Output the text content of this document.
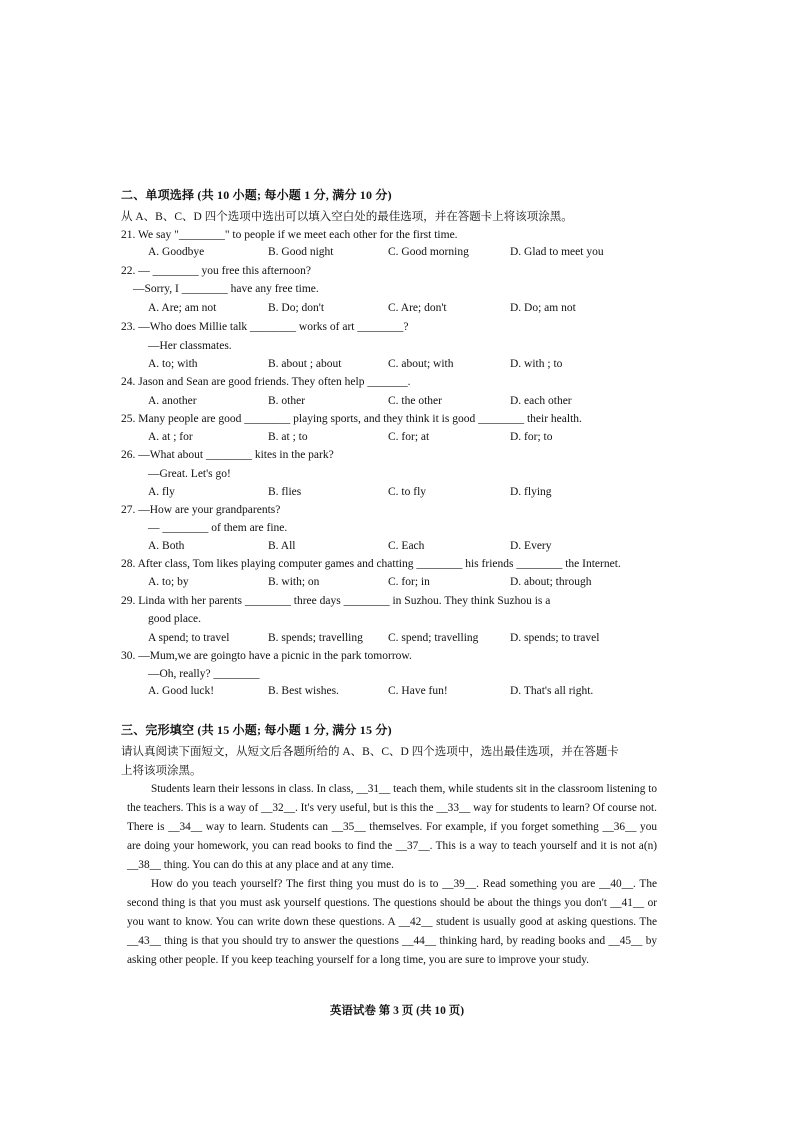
二、单项选择 (共 10 小题; 每小题 1 分, 满分 10 分)
从 A、B、C、D 四个选项中选出可以填入空白处的最佳选项，并在答题卡上将该项涂黑。
21. We say "________" to people if we meet each other for the first time.
A. Goodbye	B. Good night	C. Good morning	D. Glad to meet you
22. — ________ you free this afternoon?
—Sorry, I ________ have any free time.
A. Are; am not	B. Do; don't	C. Are; don't	D. Do; am not
23. —Who does Millie talk ________ works of art ________?
—Her classmates.
A. to; with	B. about ; about	C. about; with	D. with ; to
24. Jason and Sean are good friends. They often help _______.
A. another	B. other	C. the other	D. each other
25. Many people are good ________ playing sports, and they think it is good ________ their health.
A. at ; for	B. at ; to	C. for; at	D. for; to
26. —What about ________ kites in the park?
—Great. Let's go!
A. fly	B. flies	C. to fly	D. flying
27. —How are your grandparents?
— ________ of them are fine.
A. Both	B. All	C. Each	D. Every
28. After class, Tom likes playing computer games and chatting ________ his friends ________ the Internet.
A. to; by	B. with; on	C. for; in	D. about; through
29. Linda with her parents ________ three days ________ in Suzhou. They think Suzhou is a
good place.
A spend; to travel	B. spends; travelling C. spend; travelling	D. spends; to travel
30. —Mum,we are goingto have a picnic in the park tomorrow.
—Oh, really? ________
A. Good luck!	B. Best wishes.	C. Have fun!	D. That's all right.
三、完形填空 (共 15 小题; 每小题 1 分, 满分 15 分)
请认真阅读下面短文，从短文后各题所给的 A、B、C、D 四个选项中，选出最佳选项，并在答题卡
上将该项涂黑。

Students learn their lessons in class. In class, __31__ teach them, while students sit in the classroom listening to the teachers. This is a way of __32__. It's very useful, but is this the __33__ way for students to learn? Of course not. There is __34__ way to learn. Students can __35__ themselves. For example, if you forget something __36__ you are doing your homework, you can read books to find the __37__. This is a way to teach yourself and it is not a(n) __38__ thing. You can do this at any place and at any time.

How do you teach yourself? The first thing you must do is to __39__. Read something you are __40__. The second thing is that you must ask yourself questions. The questions should be about the things you don't __41__ or you want to know. You can write down these questions. A __42__ student is usually good at asking questions. The __43__ thing is that you should try to answer the questions __44__ thinking hard, by reading books and __45__ by asking other people. If you keep teaching yourself for a long time, you are sure to improve your study.

英语试卷 第 3 页 (共 10 页)
